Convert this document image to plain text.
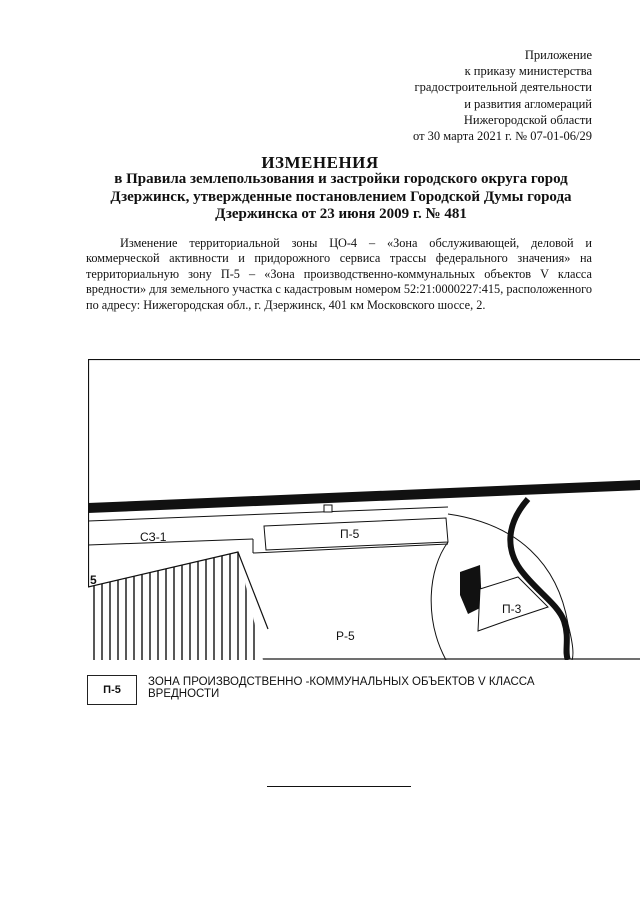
Приложение
к приказу министерства
градостроительной деятельности
и развития агломераций
Нижегородской области
от 30 марта 2021 г. № 07-01-06/29
ИЗМЕНЕНИЯ
в Правила землепользования и застройки городского округа город Дзержинск, утвержденные постановлением Городской Думы города Дзержинска от 23 июня 2009 г. № 481
Изменение территориальной зоны ЦО-4 – «Зона обслуживающей, деловой и коммерческой активности и придорожного сервиса трассы федерального значения» на территориальную зону П-5 – «Зона производственно-коммунальных объектов V класса вредности» для земельного участка с кадастровым номером 52:21:0000227:415, расположенного по адресу: Нижегородская обл., г. Дзержинск, 401 км Московского шоссе, 2.
СЗ-1	П-5
5
П-3
Р-5
П-5
ЗОНА ПРОИЗВОДСТВЕННО -КОММУНАЛЬНЫХ ОБЪЕКТОВ V КЛАССА ВРЕДНОСТИ
